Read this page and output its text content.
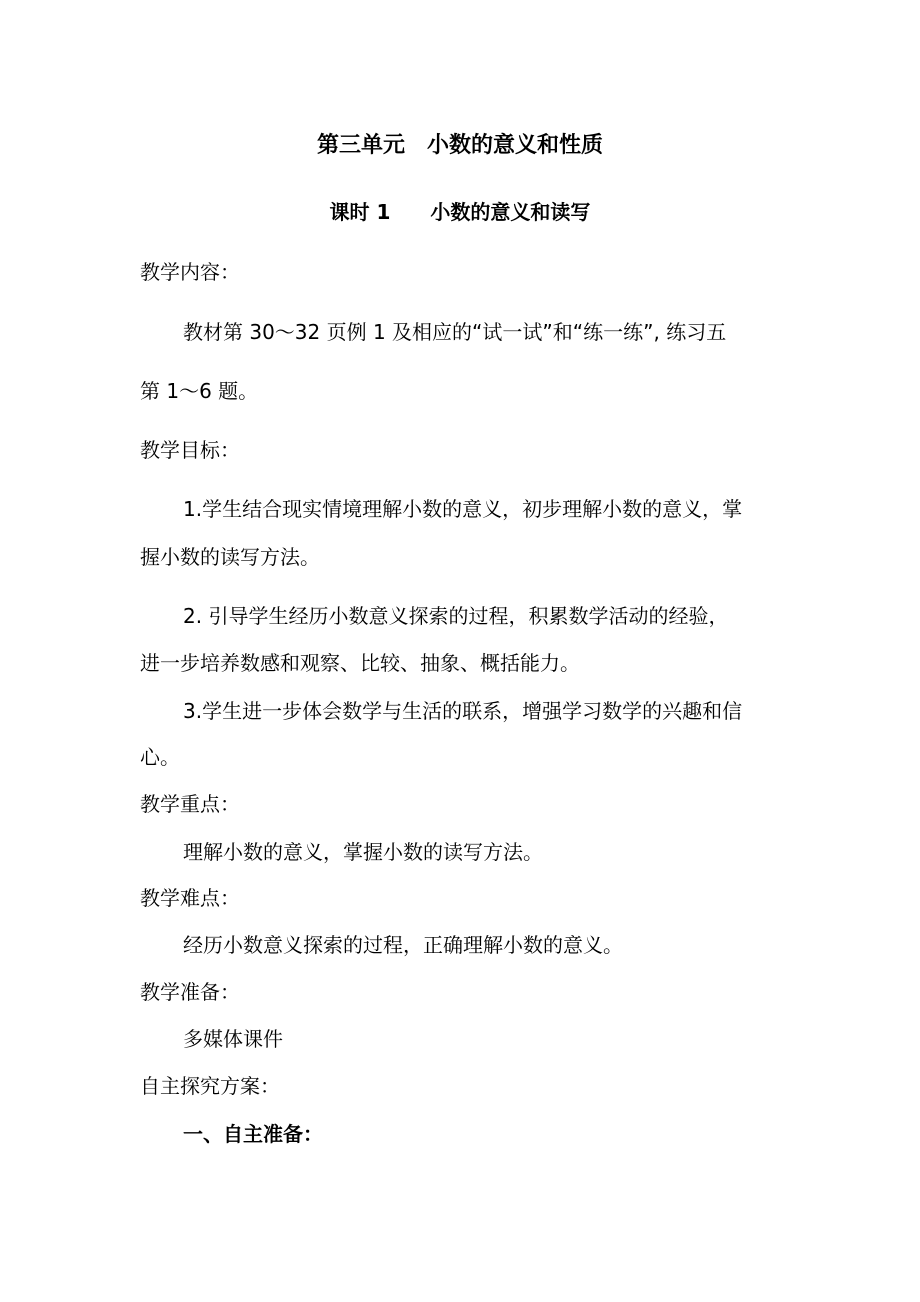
第三单元　小数的意义和性质
课时 1　　小数的意义和读写
教学内容：
教材第 30～32 页例 1 及相应的“试一试”和“练一练”, 练习五
第 1～6 题。
教学目标：
1.学生结合现实情境理解小数的意义，初步理解小数的意义，掌
握小数的读写方法。
2. 引导学生经历小数意义探索的过程，积累数学活动的经验，
进一步培养数感和观察、比较、抽象、概括能力。
3.学生进一步体会数学与生活的联系，增强学习数学的兴趣和信
心。
教学重点：
理解小数的意义，掌握小数的读写方法。
教学难点：
经历小数意义探索的过程，正确理解小数的意义。
教学准备：
多媒体课件
自主探究方案：
一、自主准备：
